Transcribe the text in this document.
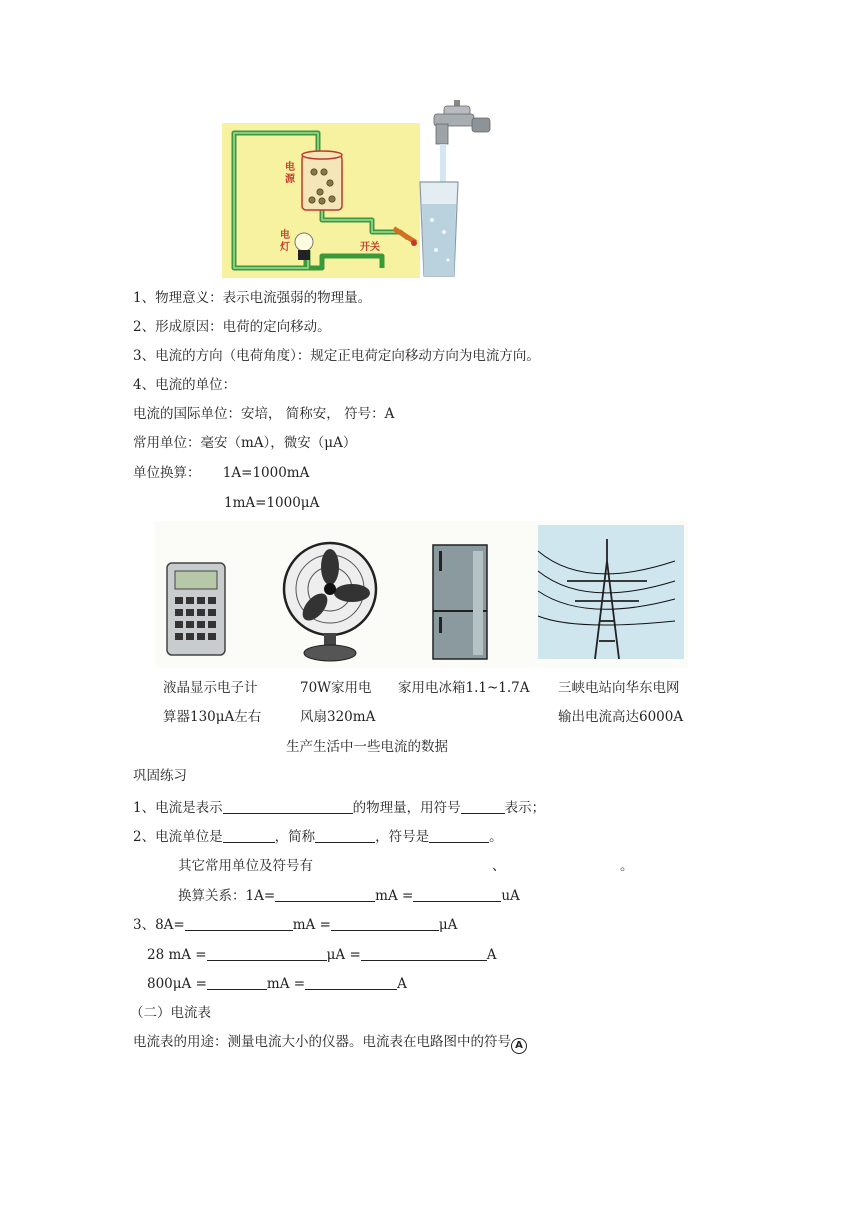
电源
电灯	开关
1、物理意义：表示电流强弱的物理量。
2、形成原因：电荷的定向移动。
3、电流的方向（电荷角度）：规定正电荷定向移动方向为电流方向。
4、电流的单位：
电流的国际单位：安培， 简称安， 符号：A
常用单位：毫安（mA），微安（μA）
单位换算： 1A=1000mA
1mA=1000μA
液晶显示电子计
算器130μA左右
70W家用电
风扇320mA
家用电冰箱1.1~1.7A 三峡电站向华东电网
输出电流高达6000A
生产生活中一些电流的数据
巩固练习
1、电流是表示	的物理量，用符号	表示；
2、电流单位是	，简称	，符号是	。
其它常用单位及符号有	、	。
换算关系：1A=	mA =	uA
3、8A=	mA =	μA
28 mA =	μA =	A
800μA =	mA =	A
（二）电流表
电流表的用途：测量电流大小的仪器。电流表在电路图中的符号 A
